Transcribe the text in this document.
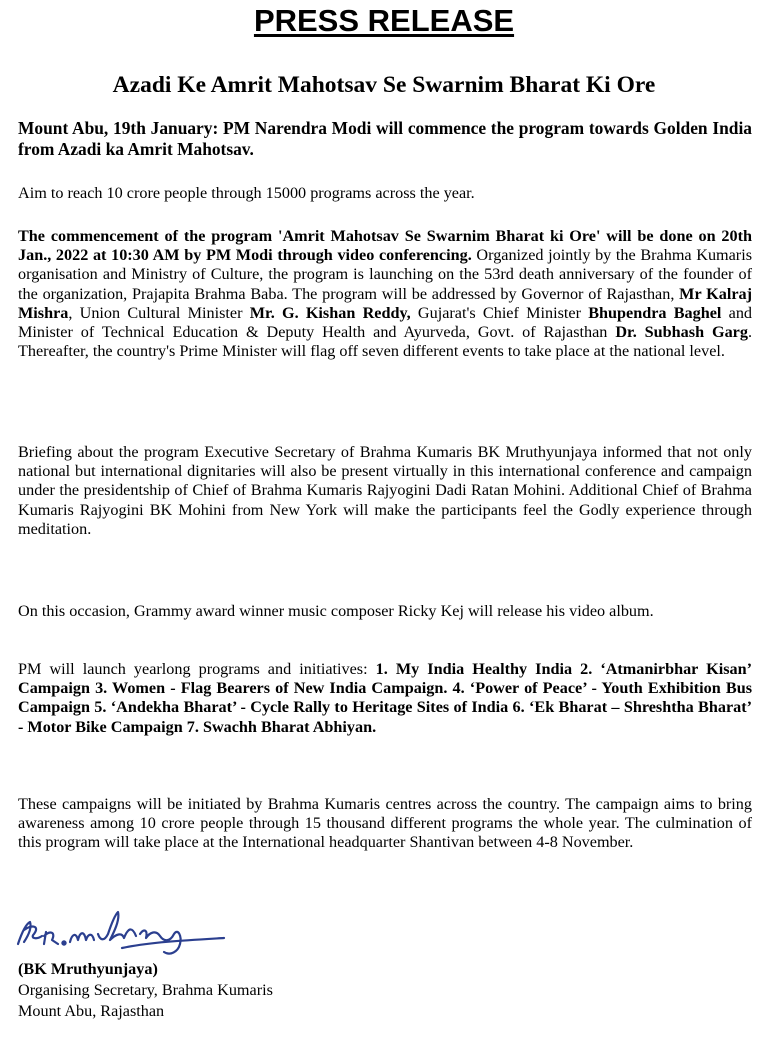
PRESS RELEASE
Azadi Ke Amrit Mahotsav Se Swarnim Bharat Ki Ore

Mount Abu, 19th January: PM Narendra Modi will commence the program towards Golden India from Azadi ka Amrit Mahotsav.

Aim to reach 10 crore people through 15000 programs across the year.

The commencement of the program 'Amrit Mahotsav Se Swarnim Bharat ki Ore' will be done on 20th Jan., 2022 at 10:30 AM by PM Modi through video conferencing. Organized jointly by the Brahma Kumaris organisation and Ministry of Culture, the program is launching on the 53rd death anniversary of the founder of the organization, Prajapita Brahma Baba. The program will be addressed by Governor of Rajasthan, Mr Kalraj Mishra, Union Cultural Minister Mr. G. Kishan Reddy, Gujarat's Chief Minister Bhupendra Baghel and Minister of Technical Education & Deputy Health and Ayurveda, Govt. of Rajasthan Dr. Subhash Garg. Thereafter, the country's Prime Minister will flag off seven different events to take place at the national level.

Briefing about the program Executive Secretary of Brahma Kumaris BK Mruthyunjaya informed that not only national but international dignitaries will also be present virtually in this international conference and campaign under the presidentship of Chief of Brahma Kumaris Rajyogini Dadi Ratan Mohini. Additional Chief of Brahma Kumaris Rajyogini BK Mohini from New York will make the participants feel the Godly experience through meditation.

On this occasion, Grammy award winner music composer Ricky Kej will release his video album.

PM will launch yearlong programs and initiatives: 1. My India Healthy India 2. ‘Atmanirbhar Kisan’ Campaign 3. Women - Flag Bearers of New India Campaign. 4. ‘Power of Peace’ - Youth Exhibition Bus Campaign 5. ‘Andekha Bharat’ - Cycle Rally to Heritage Sites of India 6. ‘Ek Bharat – Shreshtha Bharat’ - Motor Bike Campaign 7. Swachh Bharat Abhiyan.

These campaigns will be initiated by Brahma Kumaris centres across the country. The campaign aims to bring awareness among 10 crore people through 15 thousand different programs the whole year. The culmination of this program will take place at the International headquarter Shantivan between 4-8 November.

(BK Mruthyunjaya)
Organising Secretary, Brahma Kumaris
Mount Abu, Rajasthan
